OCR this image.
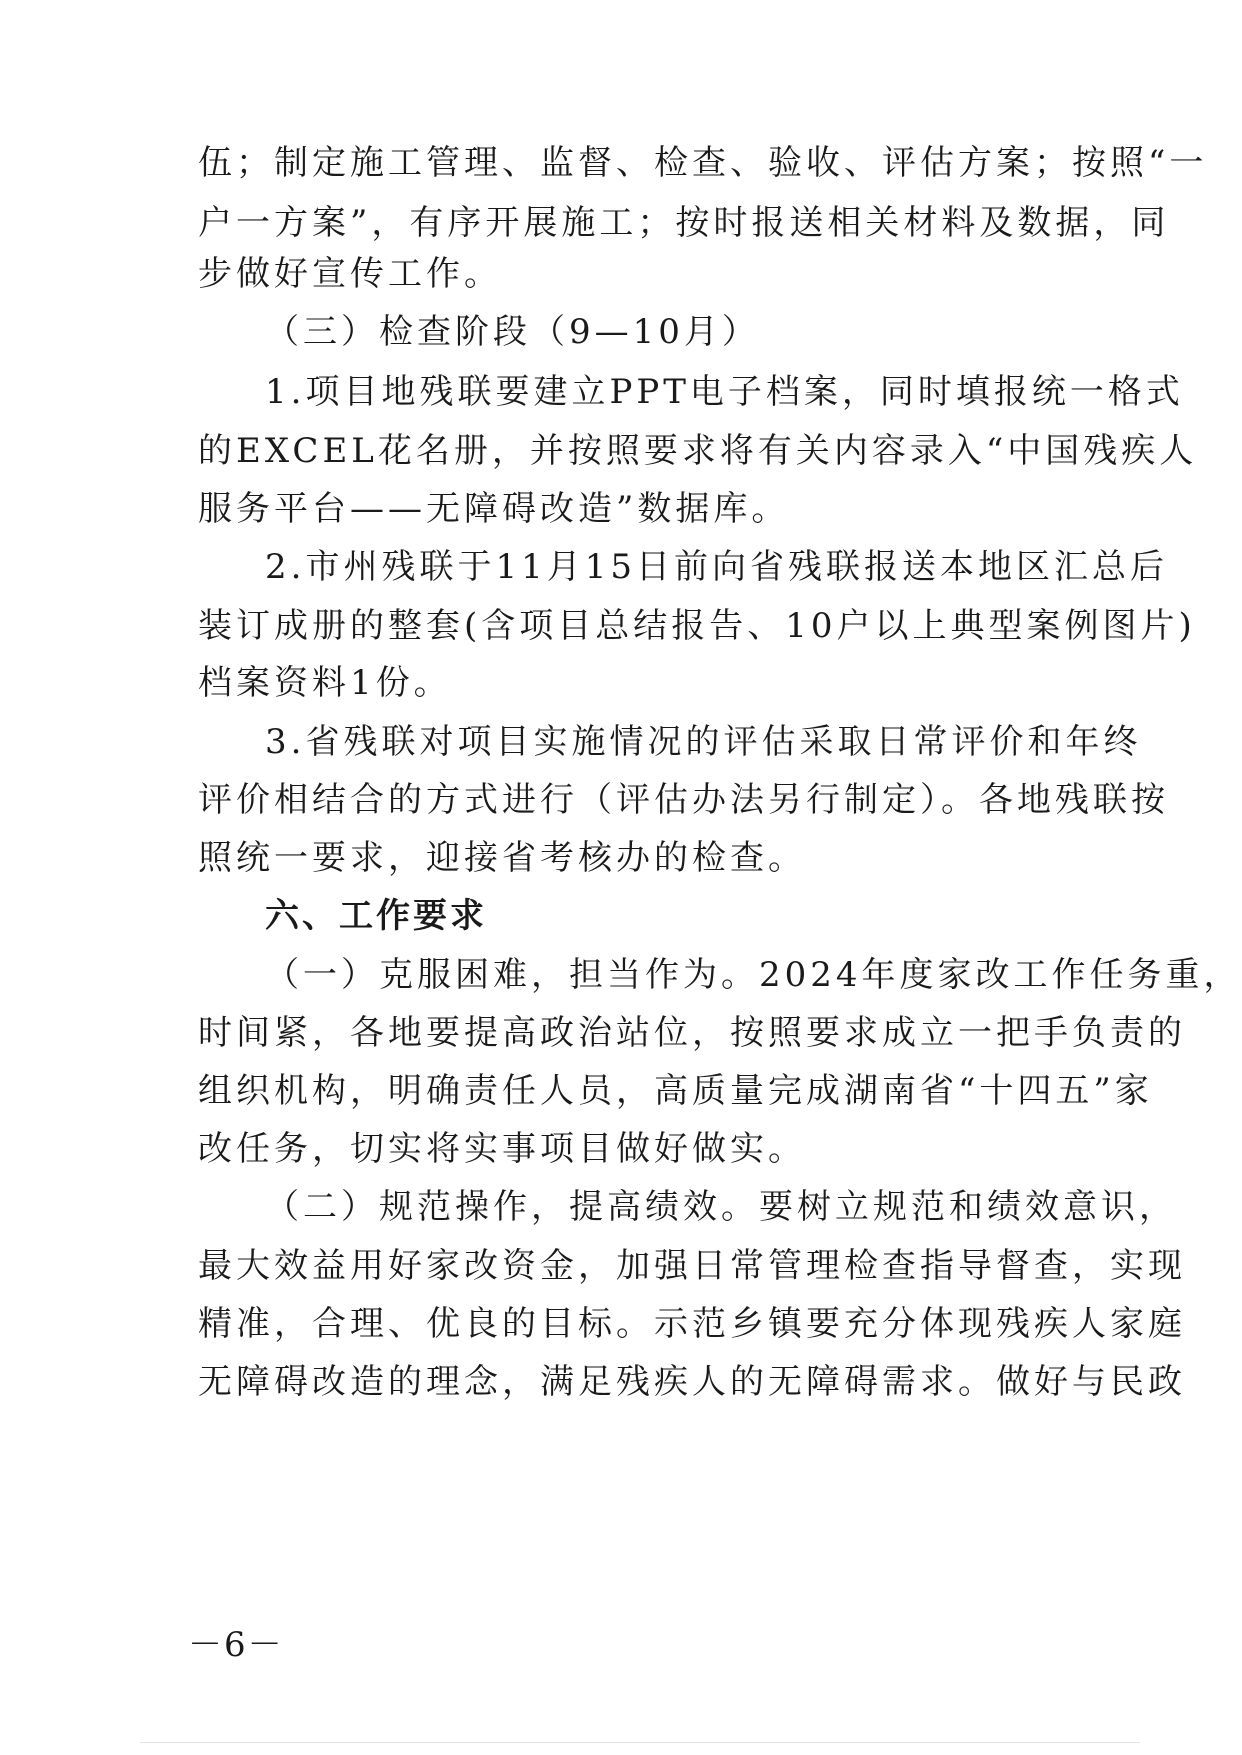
伍；制定施工管理、监督、检查、验收、评估方案；按照“一
户一方案”，有序开展施工；按时报送相关材料及数据，同
步做好宣传工作。
（三）检查阶段（9—10月）
1.项目地残联要建立PPT电子档案，同时填报统一格式
的EXCEL花名册，并按照要求将有关内容录入“中国残疾人
服务平台——无障碍改造”数据库。
2.市州残联于11月15日前向省残联报送本地区汇总后
装订成册的整套(含项目总结报告、10户以上典型案例图片)
档案资料1份。
3.省残联对项目实施情况的评估采取日常评价和年终
评价相结合的方式进行（评估办法另行制定）。各地残联按
照统一要求，迎接省考核办的检查。
六、工作要求
（一）克服困难，担当作为。2024年度家改工作任务重，
时间紧，各地要提高政治站位，按照要求成立一把手负责的
组织机构，明确责任人员，高质量完成湖南省“十四五”家
改任务，切实将实事项目做好做实。
（二）规范操作，提高绩效。要树立规范和绩效意识，
最大效益用好家改资金，加强日常管理检查指导督查，实现
精准，合理、优良的目标。示范乡镇要充分体现残疾人家庭
无障碍改造的理念，满足残疾人的无障碍需求。做好与民政
－6－
